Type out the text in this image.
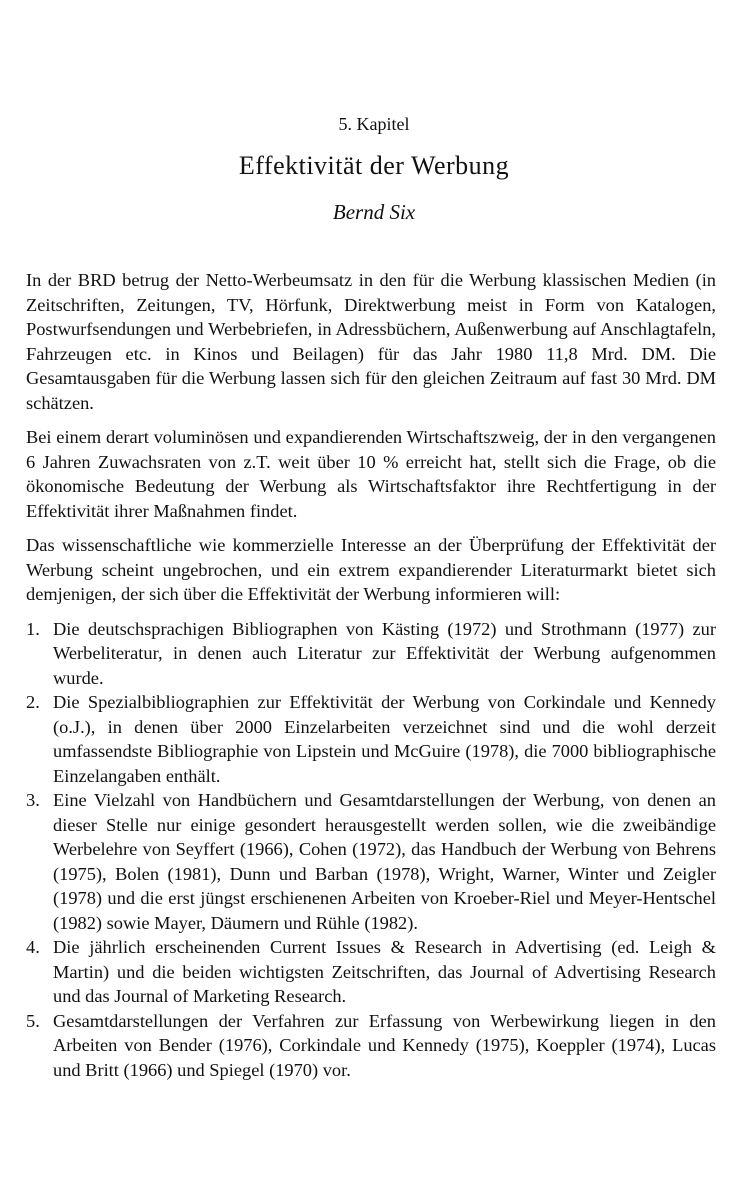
5. Kapitel
Effektivität der Werbung
Bernd Six

In der BRD betrug der Netto-Werbeumsatz in den für die Werbung klassischen Medien (in Zeitschriften, Zeitungen, TV, Hörfunk, Direktwerbung meist in Form von Katalogen, Postwurfsendungen und Werbebriefen, in Adressbüchern, Außenwerbung auf Anschlagtafeln, Fahrzeugen etc. in Kinos und Beilagen) für das Jahr 1980 11,8 Mrd. DM. Die Gesamtausgaben für die Werbung lassen sich für den gleichen Zeitraum auf fast 30 Mrd. DM schätzen.

Bei einem derart voluminösen und expandierenden Wirtschaftszweig, der in den vergangenen 6 Jahren Zuwachsraten von z.T. weit über 10 % erreicht hat, stellt sich die Frage, ob die ökonomische Bedeutung der Werbung als Wirtschaftsfaktor ihre Rechtfertigung in der Effektivität ihrer Maßnahmen findet.

Das wissenschaftliche wie kommerzielle Interesse an der Überprüfung der Effektivität der Werbung scheint ungebrochen, und ein extrem expandierender Literaturmarkt bietet sich demjenigen, der sich über die Effektivität der Werbung informieren will:

1. Die deutschsprachigen Bibliographen von Kästing (1972) und Strothmann (1977) zur Werbeliteratur, in denen auch Literatur zur Effektivität der Werbung aufgenommen wurde.
2. Die Spezialbibliographien zur Effektivität der Werbung von Corkindale und Kennedy (o.J.), in denen über 2000 Einzelarbeiten verzeichnet sind und die wohl derzeit umfassendste Bibliographie von Lipstein und McGuire (1978), die 7000 bibliographische Einzelangaben enthält.
3. Eine Vielzahl von Handbüchern und Gesamtdarstellungen der Werbung, von denen an dieser Stelle nur einige gesondert herausgestellt werden sollen, wie die zweibändige Werbelehre von Seyffert (1966), Cohen (1972), das Handbuch der Werbung von Behrens (1975), Bolen (1981), Dunn und Barban (1978), Wright, Warner, Winter und Zeigler (1978) und die erst jüngst erschienenen Arbeiten von Kroeber-Riel und Meyer-Hentschel (1982) sowie Mayer, Däumern und Rühle (1982).
4. Die jährlich erscheinenden Current Issues & Research in Advertising (ed. Leigh & Martin) und die beiden wichtigsten Zeitschriften, das Journal of Advertising Research und das Journal of Marketing Research.
5. Gesamtdarstellungen der Verfahren zur Erfassung von Werbewirkung liegen in den Arbeiten von Bender (1976), Corkindale und Kennedy (1975), Koeppler (1974), Lucas und Britt (1966) und Spiegel (1970) vor.
